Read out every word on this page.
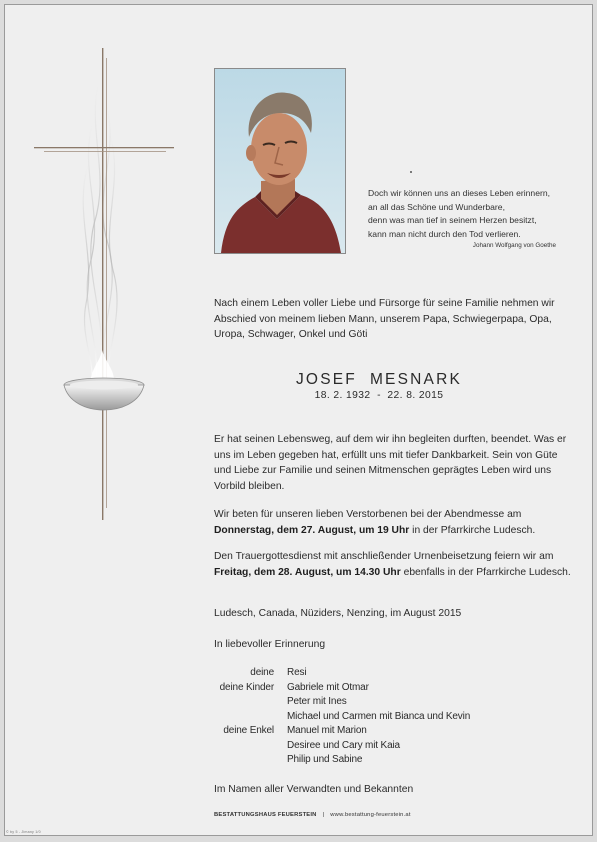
Doch wir können uns an dieses Leben erinnern,
an all das Schöne und Wunderbare,
denn was man tief in seinem Herzen besitzt,
kann man nicht durch den Tod verlieren.
Johann Wolfgang von Goethe
Nach einem Leben voller Liebe und Fürsorge für seine Familie nehmen wir Abschied von meinem lieben Mann, unserem Papa, Schwiegerpapa, Opa, Uropa, Schwager, Onkel und Göti
JOSEF  MESNARK
18. 2. 1932  -  22. 8. 2015
Er hat seinen Lebensweg, auf dem wir ihn begleiten durften, beendet. Was er uns im Leben gegeben hat, erfüllt uns mit tiefer Dankbarkeit. Sein von Güte und Liebe zur Familie und seinen Mitmenschen geprägtes Leben wird uns Vorbild bleiben.
Wir beten für unseren lieben Verstorbenen bei der Abendmesse am
Donnerstag, dem 27. August, um 19 Uhr in der Pfarrkirche Ludesch.
Den Trauergottesdienst mit anschließender Urnenbeisetzung feiern wir am
Freitag, dem 28. August, um 14.30 Uhr ebenfalls in der Pfarrkirche Ludesch.
Ludesch, Canada, Nüziders, Nenzing, im August 2015
In liebevoller Erinnerung
deine Resi
deine Kinder Gabriele mit Otmar
Peter mit Ines
Michael und Carmen mit Bianca und Kevin
deine Enkel Manuel mit Marion
Desiree und Cary mit Kaia
Philip und Sabine
Im Namen aller Verwandten und Bekannten
BESTATTUNGSHAUS FEUERSTEIN | www.bestattung-feuerstein.at
© by 5 - Jimany 1/0
